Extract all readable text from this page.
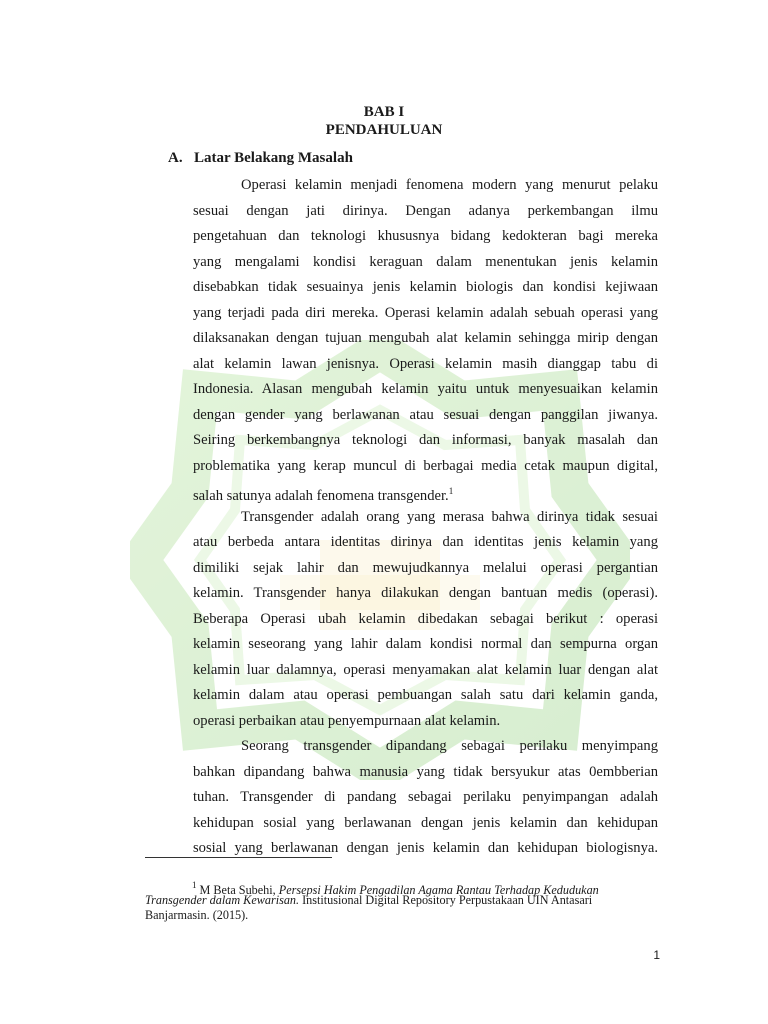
BAB I
PENDAHULUAN
A. Latar Belakang Masalah
Operasi kelamin menjadi fenomena modern yang menurut pelaku
sesuai dengan jati dirinya. Dengan adanya perkembangan ilmu
pengetahuan dan teknologi khususnya bidang kedokteran bagi mereka
yang mengalami kondisi keraguan dalam menentukan jenis kelamin
disebabkan tidak sesuainya jenis kelamin biologis dan kondisi kejiwaan
yang terjadi pada diri mereka. Operasi kelamin adalah sebuah operasi yang
dilaksanakan dengan tujuan mengubah alat kelamin sehingga mirip dengan
alat kelamin lawan jenisnya. Operasi kelamin masih dianggap tabu di
Indonesia. Alasan mengubah kelamin yaitu untuk menyesuaikan kelamin
dengan gender yang berlawanan atau sesuai dengan panggilan jiwanya.
Seiring berkembangnya teknologi dan informasi, banyak masalah dan
problematika yang kerap muncul di berbagai media cetak maupun digital,
salah satunya adalah fenomena transgender.$^1$
Transgender adalah orang yang merasa bahwa dirinya tidak sesuai
atau berbeda antara identitas dirinya dan identitas jenis kelamin yang
dimiliki sejak lahir dan mewujudkannya melalui operasi pergantian
kelamin. Transgender hanya dilakukan dengan bantuan medis (operasi).
Beberapa Operasi ubah kelamin dibedakan sebagai berikut : operasi
kelamin seseorang yang lahir dalam kondisi normal dan sempurna organ
kelamin luar dalamnya, operasi menyamakan alat kelamin luar dengan alat
kelamin dalam atau operasi pembuangan salah satu dari kelamin ganda,
operasi perbaikan atau penyempurnaan alat kelamin.
Seorang transgender dipandang sebagai perilaku menyimpang
bahkan dipandang bahwa manusia yang tidak bersyukur atas 0embberian
tuhan. Transgender di pandang sebagai perilaku penyimpangan adalah
kehidupan sosial yang berlawanan dengan jenis kelamin dan kehidupan
sosial yang berlawanan dengan jenis kelamin dan kehidupan biologisnya.
$^1$ M Beta Subehi, Persepsi Hakim Pengadilan Agama Rantau Terhadap Kedudukan
Transgender dalam Kewarisan. Institusional Digital Repository Perpustakaan UIN Antasari
Banjarmasin. (2015).
1
